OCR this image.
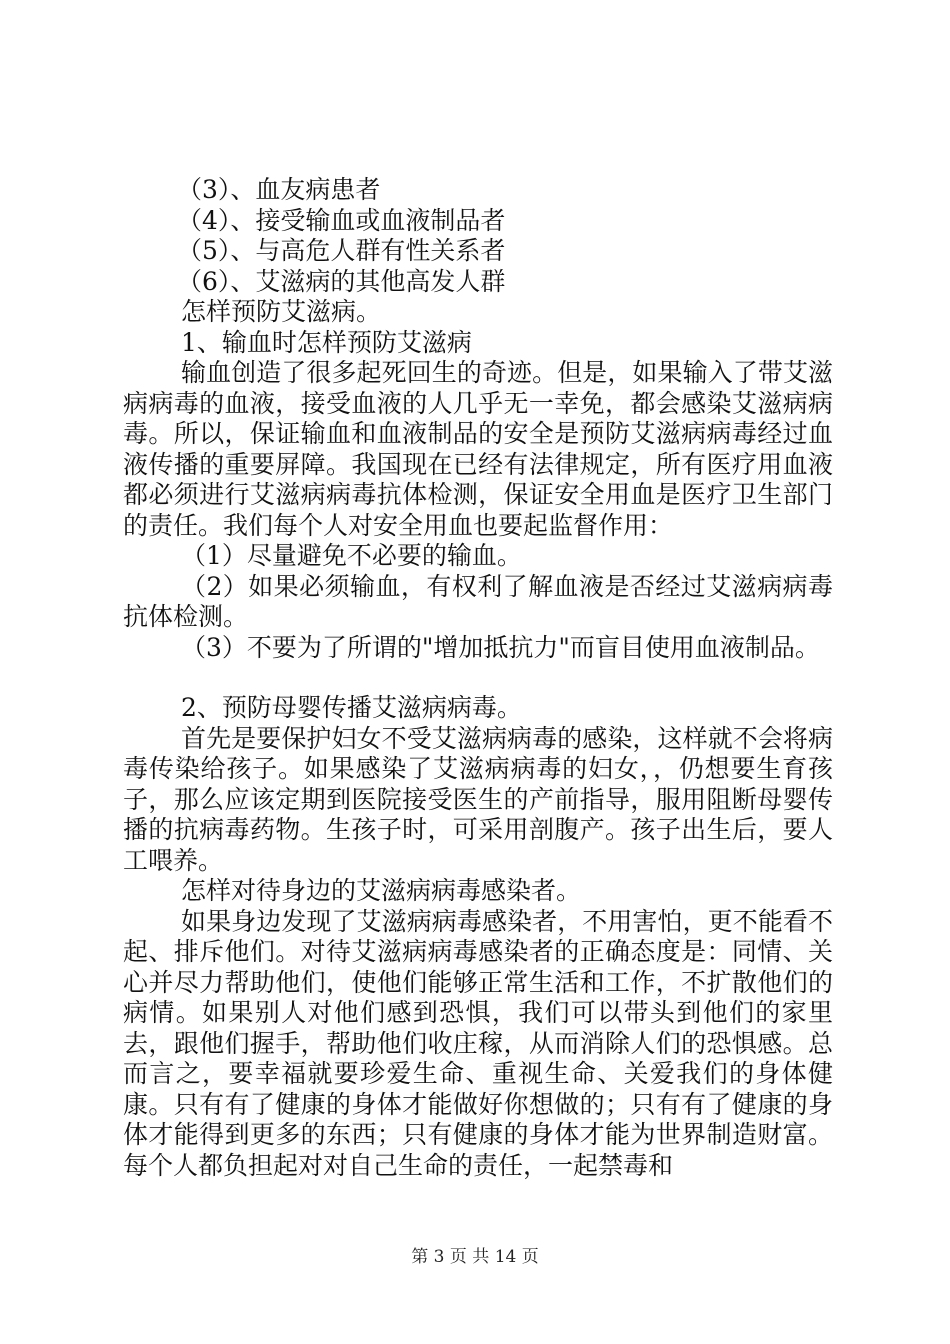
（3）、血友病患者

（4）、接受输血或血液制品者

（5）、与高危人群有性关系者

（6）、艾滋病的其他高发人群

怎样预防艾滋病。

1、输血时怎样预防艾滋病

输血创造了很多起死回生的奇迹。但是，如果输入了带艾滋病病毒的血液，接受血液的人几乎无一幸免，都会感染艾滋病病毒。所以，保证输血和血液制品的安全是预防艾滋病病毒经过血液传播的重要屏障。我国现在已经有法律规定，所有医疗用血液都必须进行艾滋病病毒抗体检测，保证安全用血是医疗卫生部门的责任。我们每个人对安全用血也要起监督作用：

（1）尽量避免不必要的输血。

（2）如果必须输血，有权利了解血液是否经过艾滋病病毒抗体检测。

（3）不要为了所谓的"增加抵抗力"而盲目使用血液制品。

2、预防母婴传播艾滋病病毒。

首先是要保护妇女不受艾滋病病毒的感染，这样就不会将病毒传染给孩子。如果感染了艾滋病病毒的妇女，，仍想要生育孩子，那么应该定期到医院接受医生的产前指导，服用阻断母婴传播的抗病毒药物。生孩子时，可采用剖腹产。孩子出生后，要人工喂养。

怎样对待身边的艾滋病病毒感染者。

如果身边发现了艾滋病病毒感染者，不用害怕，更不能看不起、排斥他们。对待艾滋病病毒感染者的正确态度是：同情、关心并尽力帮助他们，使他们能够正常生活和工作，不扩散他们的病情。如果别人对他们感到恐惧，我们可以带头到他们的家里去，跟他们握手，帮助他们收庄稼，从而消除人们的恐惧感。总而言之，要幸福就要珍爱生命、重视生命、关爱我们的身体健康。只有有了健康的身体才能做好你想做的；只有有了健康的身体才能得到更多的东西；只有健康的身体才能为世界制造财富。每个人都负担起对对自己生命的责任，一起禁毒和

第 3 页 共 14 页
